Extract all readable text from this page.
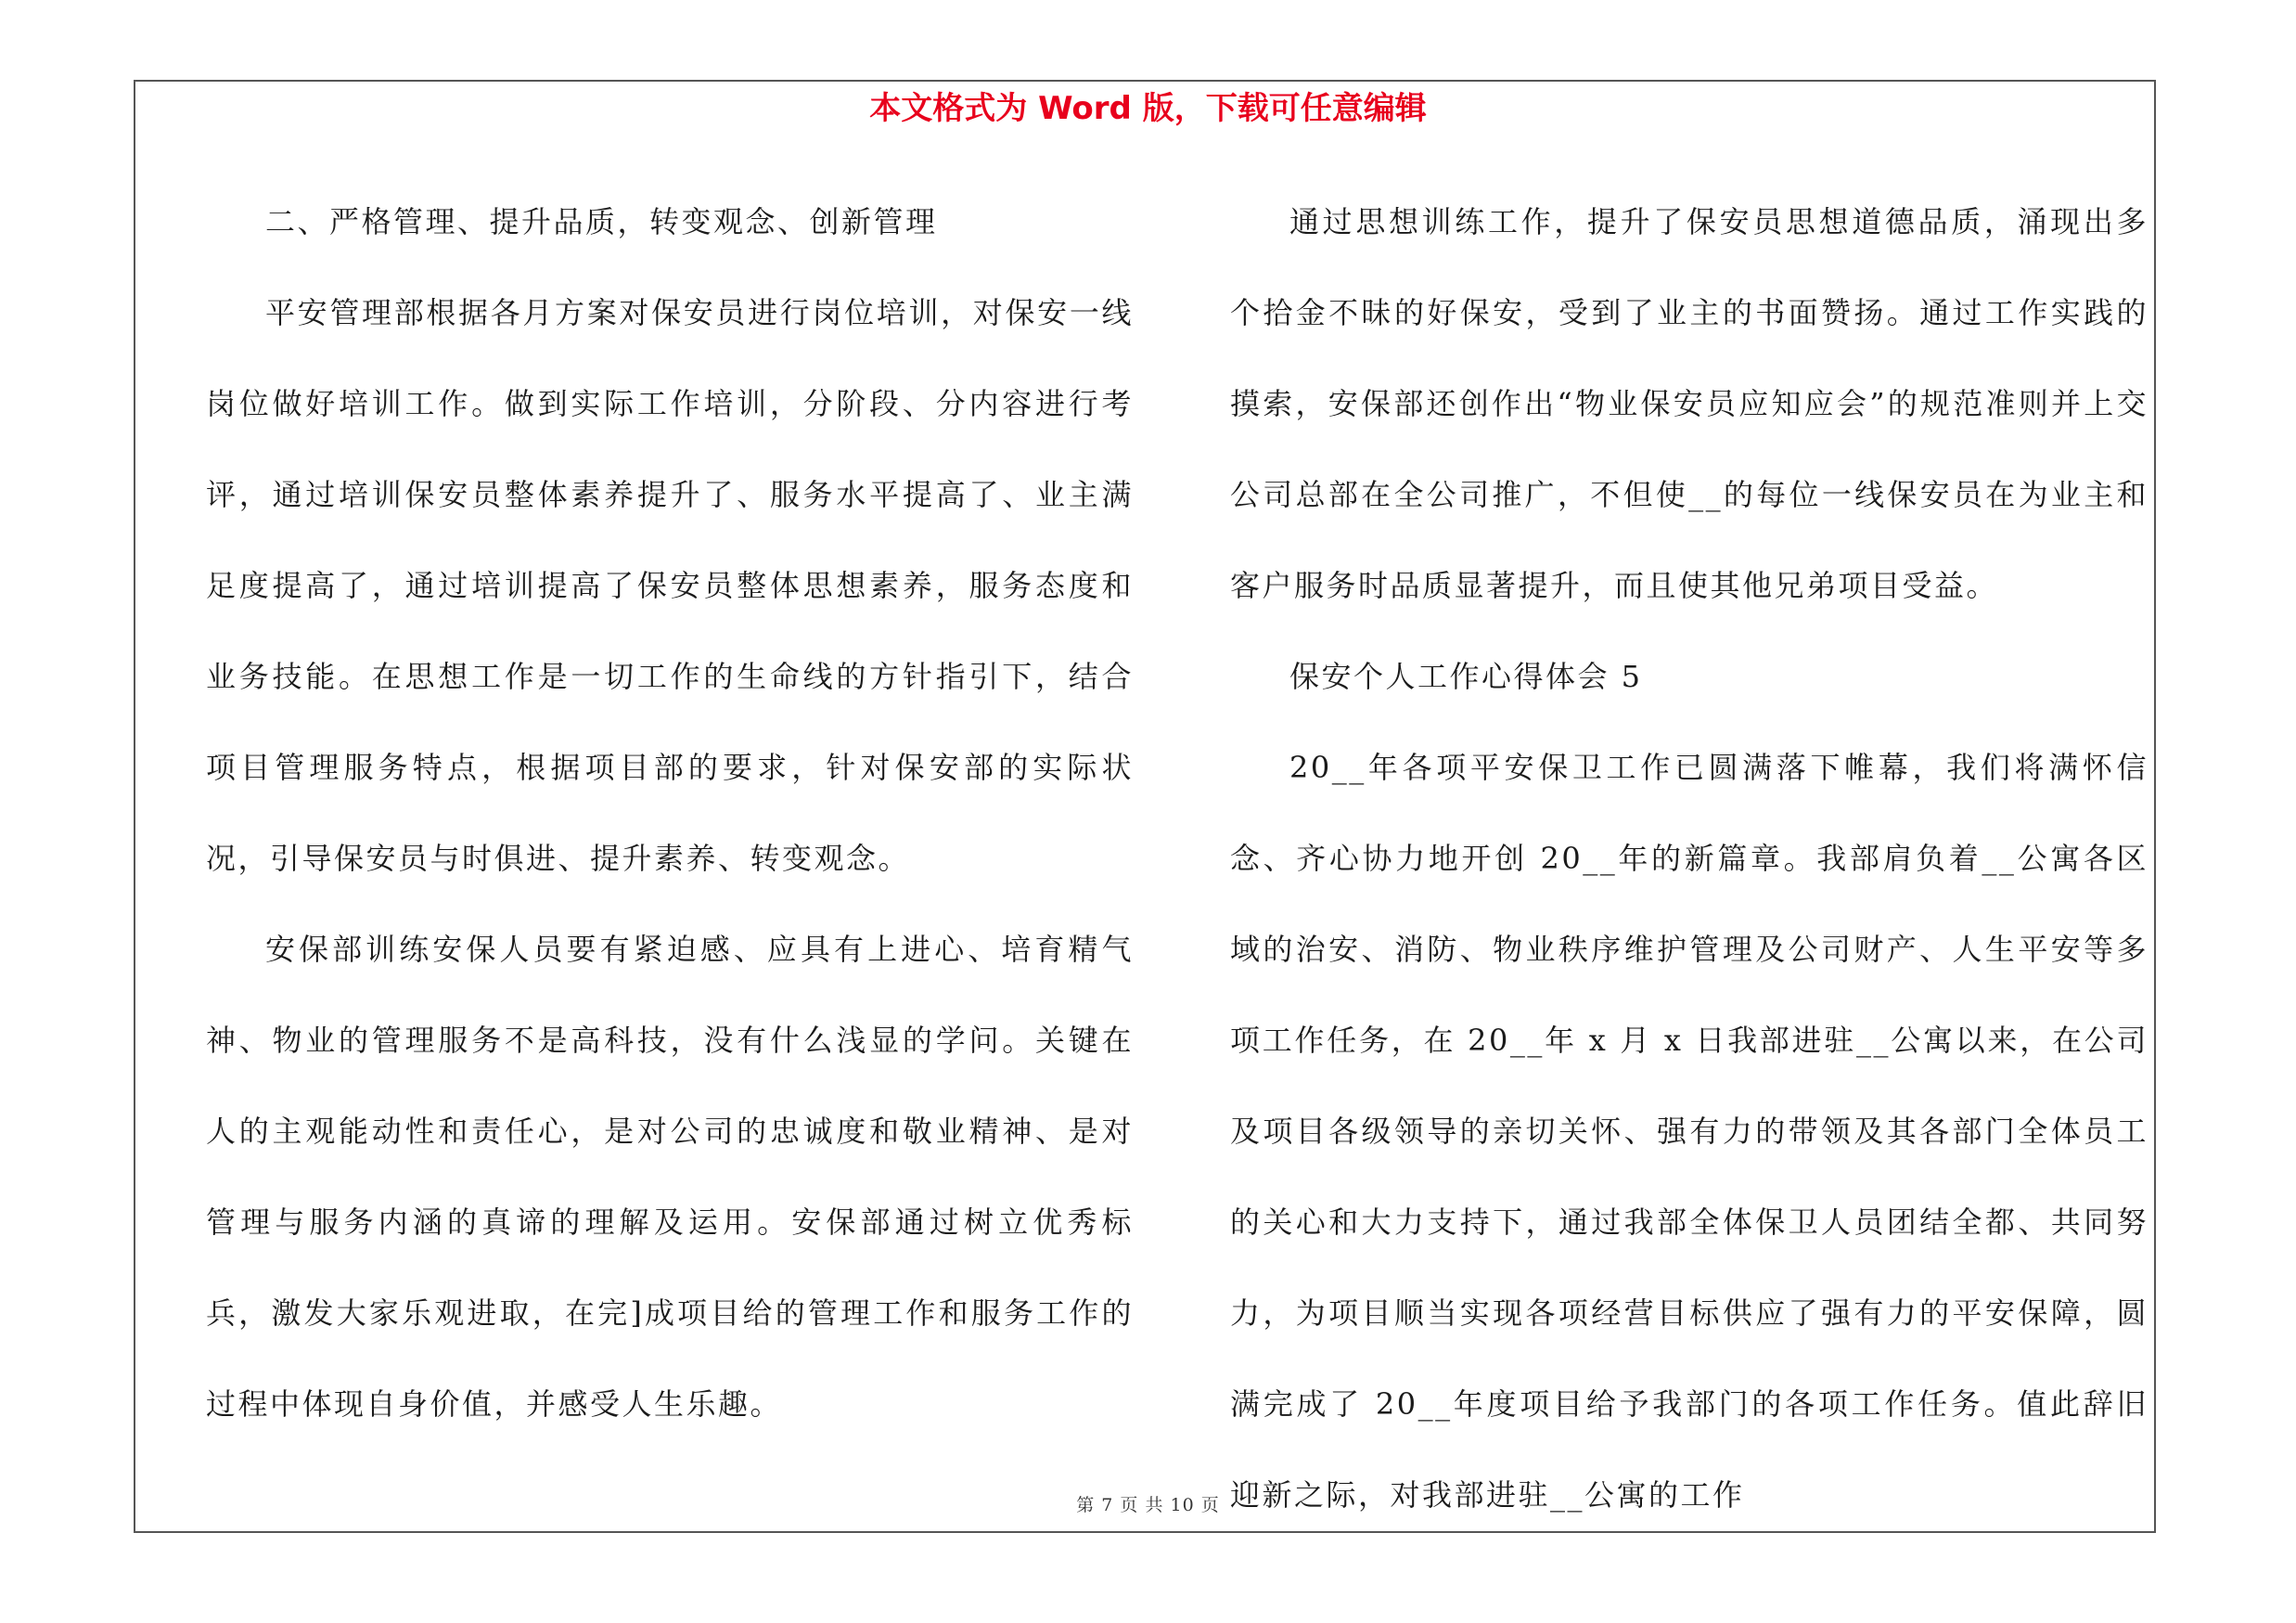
本文格式为 Word 版，下载可任意编辑

二、严格管理、提升品质，转变观念、创新管理

平安管理部根据各月方案对保安员进行岗位培训，对保安一线岗位做好培训工作。做到实际工作培训，分阶段、分内容进行考评，通过培训保安员整体素养提升了、服务水平提高了、业主满足度提高了，通过培训提高了保安员整体思想素养，服务态度和业务技能。在思想工作是一切工作的生命线的方针指引下，结合项目管理服务特点，根据项目部的要求，针对保安部的实际状况，引导保安员与时俱进、提升素养、转变观念。

安保部训练安保人员要有紧迫感、应具有上进心、培育精气神、物业的管理服务不是高科技，没有什么浅显的学问。关键在人的主观能动性和责任心，是对公司的忠诚度和敬业精神、是对管理与服务内涵的真谛的理解及运用。安保部通过树立优秀标兵，激发大家乐观进取，在完]成项目给的管理工作和服务工作的过程中体现自身价值，并感受人生乐趣。

通过思想训练工作，提升了保安员思想道德品质，涌现出多个拾金不昧的好保安，受到了业主的书面赞扬。通过工作实践的摸索，安保部还创作出“物业保安员应知应会”的规范准则并上交公司总部在全公司推广，不但使__的每位一线保安员在为业主和客户服务时品质显著提升，而且使其他兄弟项目受益。

保安个人工作心得体会 5

20__年各项平安保卫工作已圆满落下帷幕，我们将满怀信念、齐心协力地开创 20__年的新篇章。我部肩负着__公寓各区域的治安、消防、物业秩序维护管理及公司财产、人生平安等多项工作任务，在 20__年 x 月 x 日我部进驻__公寓以来，在公司及项目各级领导的亲切关怀、强有力的带领及其各部门全体员工的关心和大力支持下，通过我部全体保卫人员团结全都、共同努力，为项目顺当实现各项经营目标供应了强有力的平安保障，圆满完成了 20__年度项目给予我部门的各项工作任务。值此辞旧迎新之际，对我部进驻__公寓的工作

第 7 页 共 10 页
